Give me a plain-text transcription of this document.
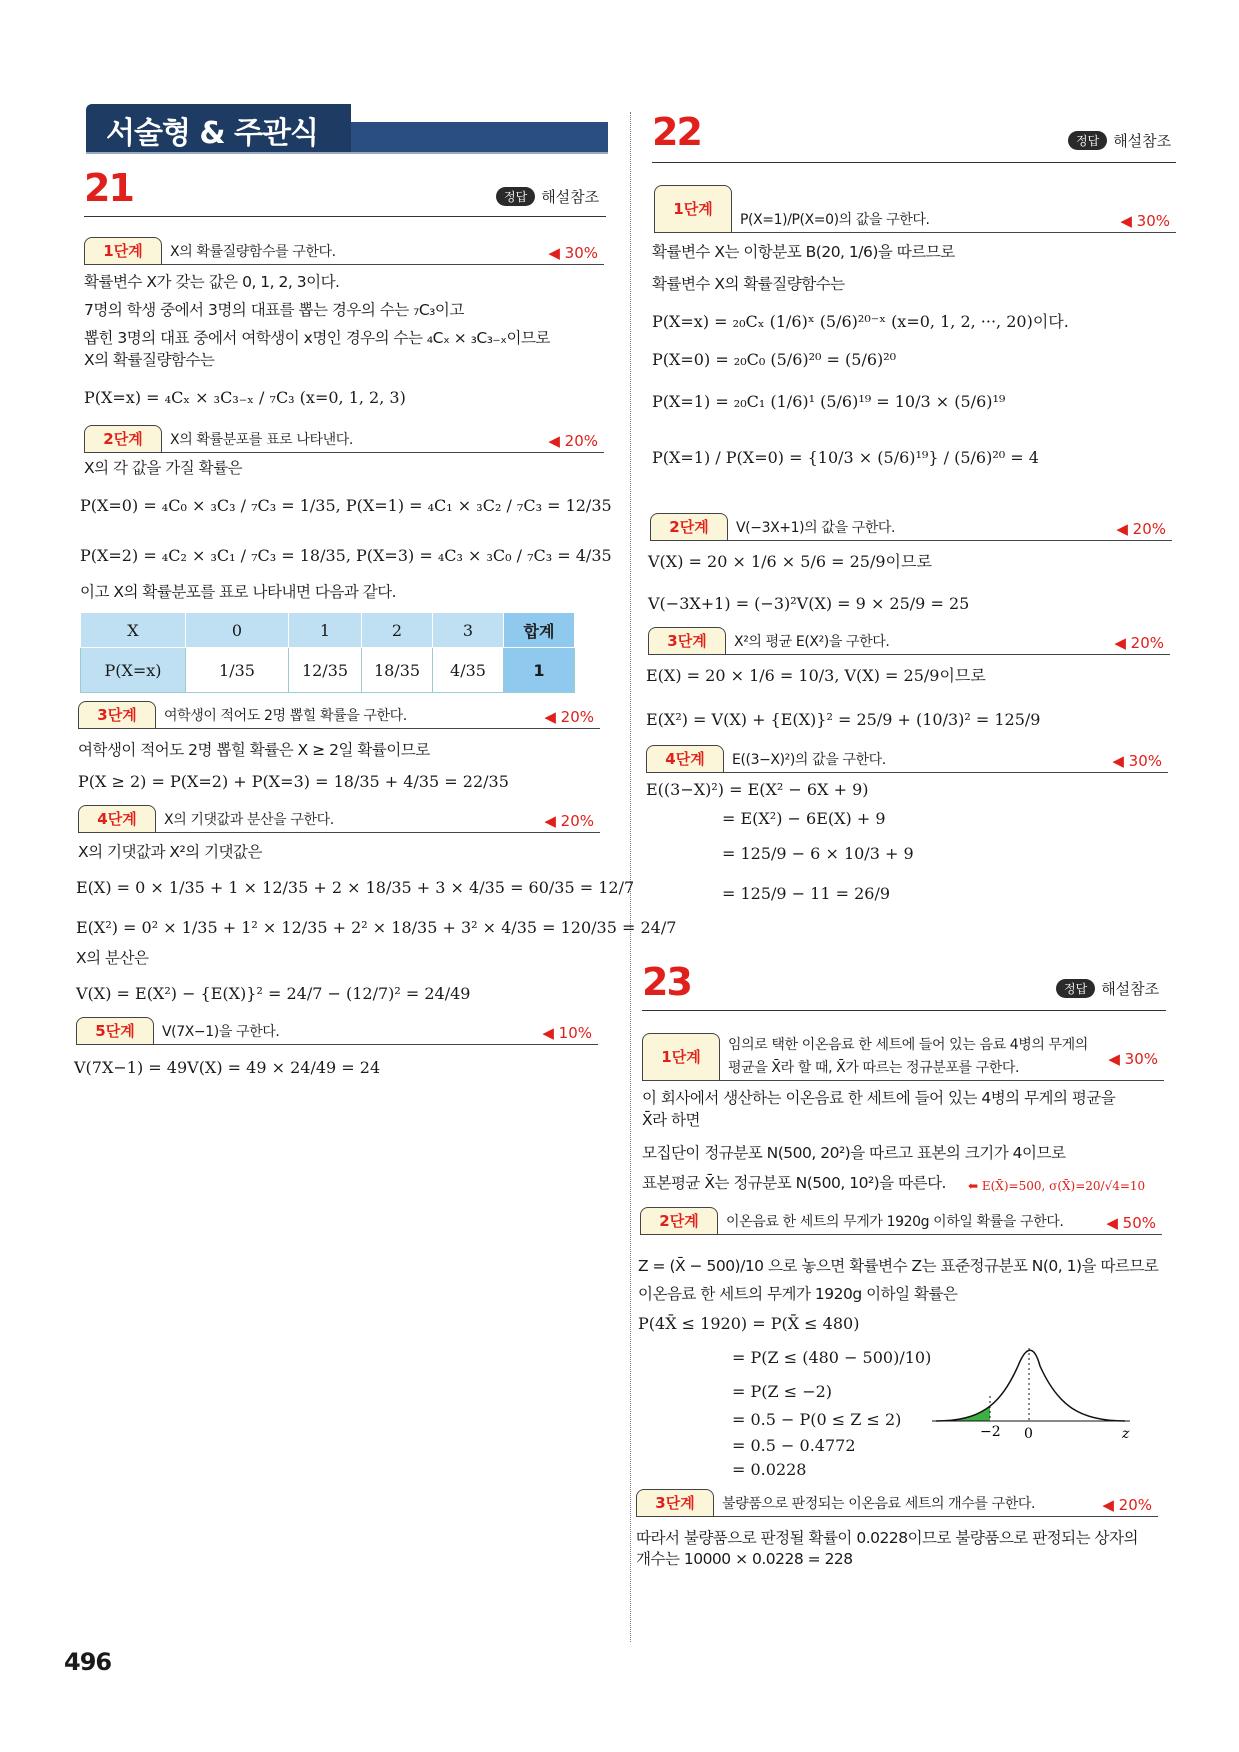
서술형 & 주관식
21	정답 해설참조
1단계	X의 확률질량함수를 구한다.	◀ 30%
확률변수 X가 갖는 값은 0, 1, 2, 3이다.
7명의 학생 중에서 3명의 대표를 뽑는 경우의 수는 ₇C₃이고
뽑힌 3명의 대표 중에서 여학생이 x명인 경우의 수는 ₄Cₓ × ₃C₃₋ₓ이므로
X의 확률질량함수는
P(X=x) = ₄Cₓ × ₃C₃₋ₓ / ₇C₃ (x=0, 1, 2, 3)
2단계	X의 확률분포를 표로 나타낸다.	◀ 20%
X의 각 값을 가질 확률은
P(X=0) = ₄C₀ × ₃C₃ / ₇C₃ = 1/35, P(X=1) = ₄C₁ × ₃C₂ / ₇C₃ = 12/35
P(X=2) = ₄C₂ × ₃C₁ / ₇C₃ = 18/35, P(X=3) = ₄C₃ × ₃C₀ / ₇C₃ = 4/35
이고 X의 확률분포를 표로 나타내면 다음과 같다.
X	0	1	2	3	합계
P(X=x)	1/35	12/35	18/35	4/35	1
3단계	여학생이 적어도 2명 뽑힐 확률을 구한다.	◀ 20%
여학생이 적어도 2명 뽑힐 확률은 X ≥ 2일 확률이므로
P(X ≥ 2) = P(X=2) + P(X=3) = 18/35 + 4/35 = 22/35
4단계	X의 기댓값과 분산을 구한다.	◀ 20%
X의 기댓값과 X²의 기댓값은
E(X) = 0 × 1/35 + 1 × 12/35 + 2 × 18/35 + 3 × 4/35 = 60/35 = 12/7
E(X²) = 0² × 1/35 + 1² × 12/35 + 2² × 18/35 + 3² × 4/35 = 120/35 = 24/7
X의 분산은
V(X) = E(X²) − {E(X)}² = 24/7 − (12/7)² = 24/49
5단계	V(7X−1)을 구한다.	◀ 10%
V(7X−1) = 49V(X) = 49 × 24/49 = 24
22	정답 해설참조
1단계
P(X=1)/P(X=0)의 값을 구한다.	◀ 30%
확률변수 X는 이항분포 B(20, 1/6)을 따르므로
확률변수 X의 확률질량함수는
P(X=x) = ₂₀Cₓ (1/6)ˣ (5/6)²⁰⁻ˣ (x=0, 1, 2, ···, 20)이다.
P(X=0) = ₂₀C₀ (5/6)²⁰ = (5/6)²⁰
P(X=1) = ₂₀C₁ (1/6)¹ (5/6)¹⁹ = 10/3 × (5/6)¹⁹
P(X=1) / P(X=0) = {10/3 × (5/6)¹⁹} / (5/6)²⁰ = 4
2단계	V(−3X+1)의 값을 구한다.	◀ 20%
V(X) = 20 × 1/6 × 5/6 = 25/9이므로
V(−3X+1) = (−3)²V(X) = 9 × 25/9 = 25
3단계	X²의 평균 E(X²)을 구한다.	◀ 20%
E(X) = 20 × 1/6 = 10/3, V(X) = 25/9이므로
E(X²) = V(X) + {E(X)}² = 25/9 + (10/3)² = 125/9
4단계	E((3−X)²)의 값을 구한다.	◀ 30%
E((3−X)²) = E(X² − 6X + 9)
= E(X²) − 6E(X) + 9
= 125/9 − 6 × 10/3 + 9
= 125/9 − 11 = 26/9
23	정답 해설참조
1단계
임의로 택한 이온음료 한 세트에 들어 있는 음료 4병의 무게의
평균을 X̄라 할 때, X̄가 따르는 정규분포를 구한다.	◀ 30%
이 회사에서 생산하는 이온음료 한 세트에 들어 있는 4병의 무게의 평균을
X̄라 하면
모집단이 정규분포 N(500, 20²)을 따르고 표본의 크기가 4이므로
표본평균 X̄는 정규분포 N(500, 10²)을 따른다. ⬅ E(X̄)=500, σ(X̄)=20/√4=10
2단계	이온음료 한 세트의 무게가 1920g 이하일 확률을 구한다.	◀ 50%
Z = (X̄ − 500)/10 으로 놓으면 확률변수 Z는 표준정규분포 N(0, 1)을 따르므로
이온음료 한 세트의 무게가 1920g 이하일 확률은
P(4X̄ ≤ 1920) = P(X̄ ≤ 480)
= P(Z ≤ (480 − 500)/10)
= P(Z ≤ −2)
= 0.5 − P(0 ≤ Z ≤ 2)
= 0.5 − 0.4772
= 0.0228
−2 0	z
3단계	불량품으로 판정되는 이온음료 세트의 개수를 구한다.	◀ 20%
따라서 불량품으로 판정될 확률이 0.0228이므로 불량품으로 판정되는 상자의
개수는 10000 × 0.0228 = 228
496
